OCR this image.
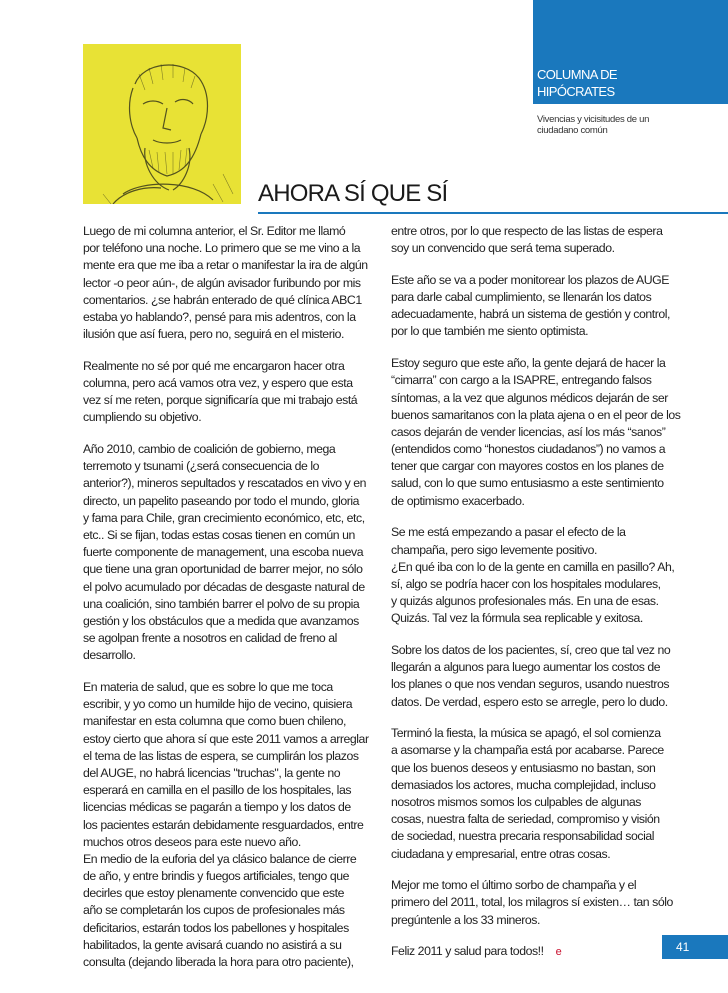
COLUMNA DE
HIPÓCRATES
Vivencias y vicisitudes de un
ciudadano común
AHORA SÍ QUE SÍ
Luego de mi columna anterior, el Sr. Editor me llamó
por teléfono una noche. Lo primero que se me vino a la
mente era que me iba a retar o manifestar la ira de algún
lector -o peor aún-, de algún avisador furibundo por mis
comentarios. ¿se habrán enterado de qué clínica ABC1
estaba yo hablando?, pensé para mis adentros, con la
ilusión que así fuera, pero no, seguirá en el misterio.
Realmente no sé por qué me encargaron hacer otra
columna, pero acá vamos otra vez, y espero que esta
vez sí me reten, porque significaría que mi trabajo está
cumpliendo su objetivo.
Año 2010, cambio de coalición de gobierno, mega
terremoto y tsunami (¿será consecuencia de lo
anterior?), mineros sepultados y rescatados en vivo y en
directo, un papelito paseando por todo el mundo, gloria
y fama para Chile, gran crecimiento económico, etc, etc,
etc.. Si se fijan, todas estas cosas tienen en común un
fuerte componente de management, una escoba nueva
que tiene una gran oportunidad de barrer mejor, no sólo
el polvo acumulado por décadas de desgaste natural de
una coalición, sino también barrer el polvo de su propia
gestión y los obstáculos que a medida que avanzamos
se agolpan frente a nosotros en calidad de freno al
desarrollo.
En materia de salud, que es sobre lo que me toca
escribir, y yo como un humilde hijo de vecino, quisiera
manifestar en esta columna que como buen chileno,
estoy cierto que ahora sí que este 2011 vamos a arreglar
el tema de las listas de espera, se cumplirán los plazos
del AUGE, no habrá licencias "truchas", la gente no
esperará en camilla en el pasillo de los hospitales, las
licencias médicas se pagarán a tiempo y los datos de
los pacientes estarán debidamente resguardados, entre
muchos otros deseos para este nuevo año.
En medio de la euforia del ya clásico balance de cierre
de año, y entre brindis y fuegos artificiales, tengo que
decirles que estoy plenamente convencido que este
año se completarán los cupos de profesionales más
deficitarios, estarán todos los pabellones y hospitales
habilitados, la gente avisará cuando no asistirá a su
consulta (dejando liberada la hora para otro paciente),
entre otros, por lo que respecto de las listas de espera
soy un convencido que será tema superado.
Este año se va a poder monitorear los plazos de AUGE
para darle cabal cumplimiento, se llenarán los datos
adecuadamente, habrá un sistema de gestión y control,
por lo que también me siento optimista.
Estoy seguro que este año, la gente dejará de hacer la
“cimarra” con cargo a la ISAPRE, entregando falsos
síntomas, a la vez que algunos médicos dejarán de ser
buenos samaritanos con la plata ajena o en el peor de los
casos dejarán de vender licencias, así los más “sanos”
(entendidos como “honestos ciudadanos”) no vamos a
tener que cargar con mayores costos en los planes de
salud, con lo que sumo entusiasmo a este sentimiento
de optimismo exacerbado.
Se me está empezando a pasar el efecto de la
champaña, pero sigo levemente positivo.
¿En qué iba con lo de la gente en camilla en pasillo? Ah,
sí, algo se podría hacer con los hospitales modulares,
y quizás algunos profesionales más. En una de esas.
Quizás. Tal vez la fórmula sea replicable y exitosa.
Sobre los datos de los pacientes, sí, creo que tal vez no
llegarán a algunos para luego aumentar los costos de
los planes o que nos vendan seguros, usando nuestros
datos. De verdad, espero esto se arregle, pero lo dudo.
Terminó la fiesta, la música se apagó, el sol comienza
a asomarse y la champaña está por acabarse. Parece
que los buenos deseos y entusiasmo no bastan, son
demasiados los actores, mucha complejidad, incluso
nosotros mismos somos los culpables de algunas
cosas, nuestra falta de seriedad, compromiso y visión
de sociedad, nuestra precaria responsabilidad social
ciudadana y empresarial, entre otras cosas.
Mejor me tomo el último sorbo de champaña y el
primero del 2011, total, los milagros sí existen… tan sólo
pregúntenle a los 33 mineros.
Feliz 2011 y salud para todos!! e	41
